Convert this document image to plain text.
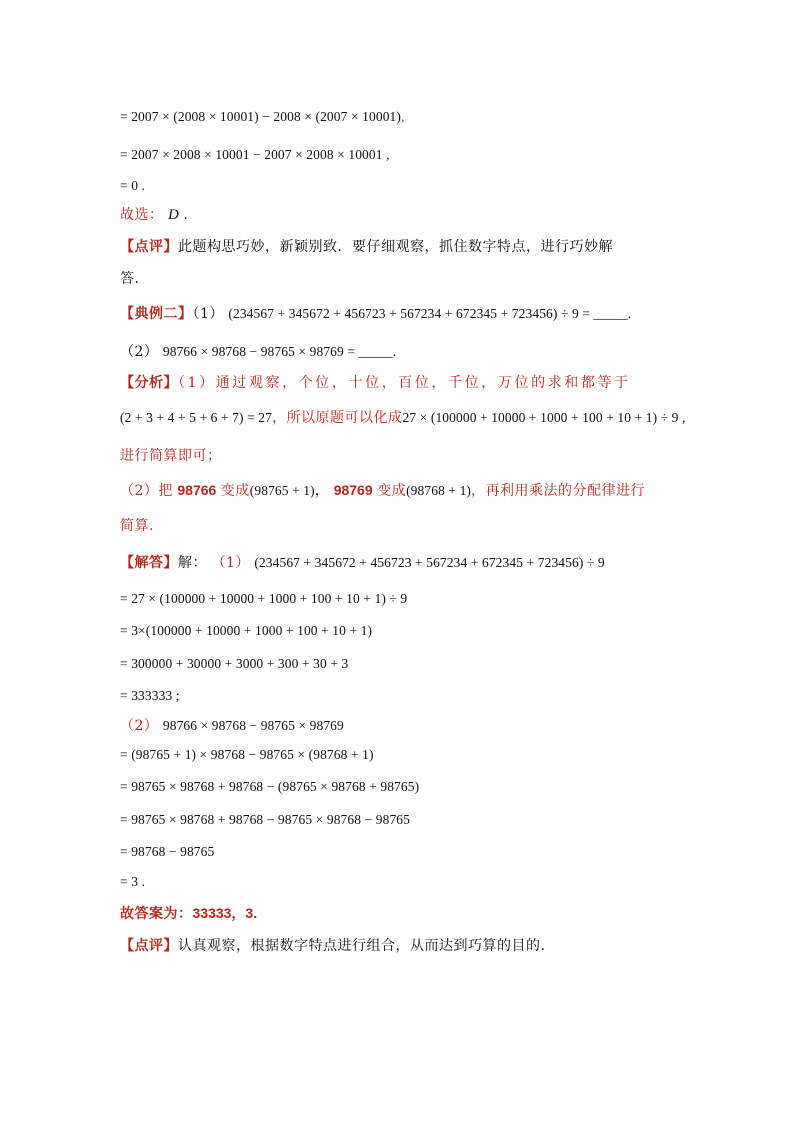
= 2007 × (2008 × 10001) − 2008 × (2007 × 10001),
= 2007 × 2008 × 10001 − 2007 × 2008 × 10001 ,
= 0 .
故选： D .
【点评】此题构思巧妙，新颖别致．要仔细观察，抓住数字特点，进行巧妙解
答.
【典例二】（1） (234567 + 345672 + 456723 + 567234 + 672345 + 723456) ÷ 9 = _____.
（2） 98766 × 98768 − 98765 × 98769 = _____.
【分析】（1）通过观察，个位，十位，百位，千位，万位的求和都等于
(2 + 3 + 4 + 5 + 6 + 7) = 27，所以原题可以化成27 × (100000 + 10000 + 1000 + 100 + 10 + 1) ÷ 9 ,
进行简算即可；
（2）把 98766 变成(98765 + 1)， 98769 变成(98768 + 1)，再利用乘法的分配律进行
简算.
【解答】解： （1） (234567 + 345672 + 456723 + 567234 + 672345 + 723456) ÷ 9
= 27 × (100000 + 10000 + 1000 + 100 + 10 + 1) ÷ 9
= 3×(100000 + 10000 + 1000 + 100 + 10 + 1)
= 300000 + 30000 + 3000 + 300 + 30 + 3
= 333333 ;
（2） 98766 × 98768 − 98765 × 98769
= (98765 + 1) × 98768 − 98765 × (98768 + 1)
= 98765 × 98768 + 98768 − (98765 × 98768 + 98765)
= 98765 × 98768 + 98768 − 98765 × 98768 − 98765
= 98768 − 98765
= 3 .
故答案为：33333，3.
【点评】认真观察，根据数字特点进行组合，从而达到巧算的目的.
